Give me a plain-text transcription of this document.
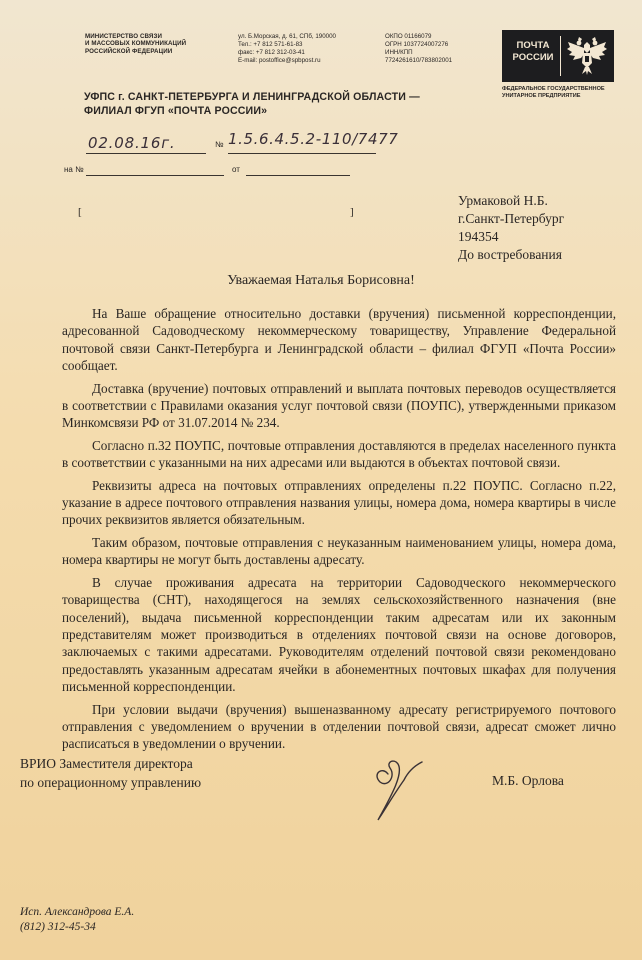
МИНИСТЕРСТВО СВЯЗИ
И МАССОВЫХ КОММУНИКАЦИЙ
РОССИЙСКОЙ ФЕДЕРАЦИИ
ул. Б.Морская, д. 61, СПб, 190000
Тел.: +7 812 571-61-83
факс: +7 812 312-03-41
E-mail: postoffice@spbpost.ru
ОКПО 01166079
ОГРН 1037724007276
ИНН/КПП
7724261610/783802001
ПОЧТА
РОССИИ
ФЕДЕРАЛЬНОЕ ГОСУДАРСТВЕННОЕ
УНИТАРНОЕ ПРЕДПРИЯТИЕ
УФПС г. САНКТ-ПЕТЕРБУРГА И ЛЕНИНГРАДСКОЙ ОБЛАСТИ —
ФИЛИАЛ ФГУП «ПОЧТА РОССИИ»
02.08.16г.	№ 1.5.6.4.5.2-110/7477
на №	от
[	]
Урмаковой Н.Б.
г.Санкт-Петербург
194354
До востребования
Уважаемая Наталья Борисовна!

На Ваше обращение относительно доставки (вручения) письменной корреспонденции, адресованной Садоводческому некоммерческому товариществу, Управление Федеральной почтовой связи Санкт-Петербурга и Ленинградской области – филиал ФГУП «Почта России» сообщает.

Доставка (вручение) почтовых отправлений и выплата почтовых переводов осуществляется в соответствии с Правилами оказания услуг почтовой связи (ПОУПС), утвержденными приказом Минкомсвязи РФ от 31.07.2014 № 234.

Согласно п.32 ПОУПС, почтовые отправления доставляются в пределах населенного пункта в соответствии с указанными на них адресами или выдаются в объектах почтовой связи.

Реквизиты адреса на почтовых отправлениях определены п.22 ПОУПС. Согласно п.22, указание в адресе почтового отправления названия улицы, номера дома, номера квартиры в числе прочих реквизитов является обязательным.

Таким образом, почтовые отправления с неуказанным наименованием улицы, номера дома, номера квартиры не могут быть доставлены адресату.

В случае проживания адресата на территории Садоводческого некоммерческого товарищества (СНТ), находящегося на землях сельскохозяйственного назначения (вне поселений), выдача письменной корреспонденции таким адресатам или их законным представителям может производиться в отделениях почтовой связи на основе договоров, заключаемых с такими адресатами. Руководителям отделений почтовой связи рекомендовано предоставлять указанным адресатам ячейки в абонементных почтовых шкафах для получения письменной корреспонденции.

При условии выдачи (вручения) вышеназванному адресату регистрируемого почтового отправления с уведомлением о вручении в отделении почтовой связи, адресат сможет лично расписаться в уведомлении о вручении.

ВРИО Заместителя директора
по операционному управлению	М.Б. Орлова
Исп. Александрова Е.А.
(812) 312-45-34
